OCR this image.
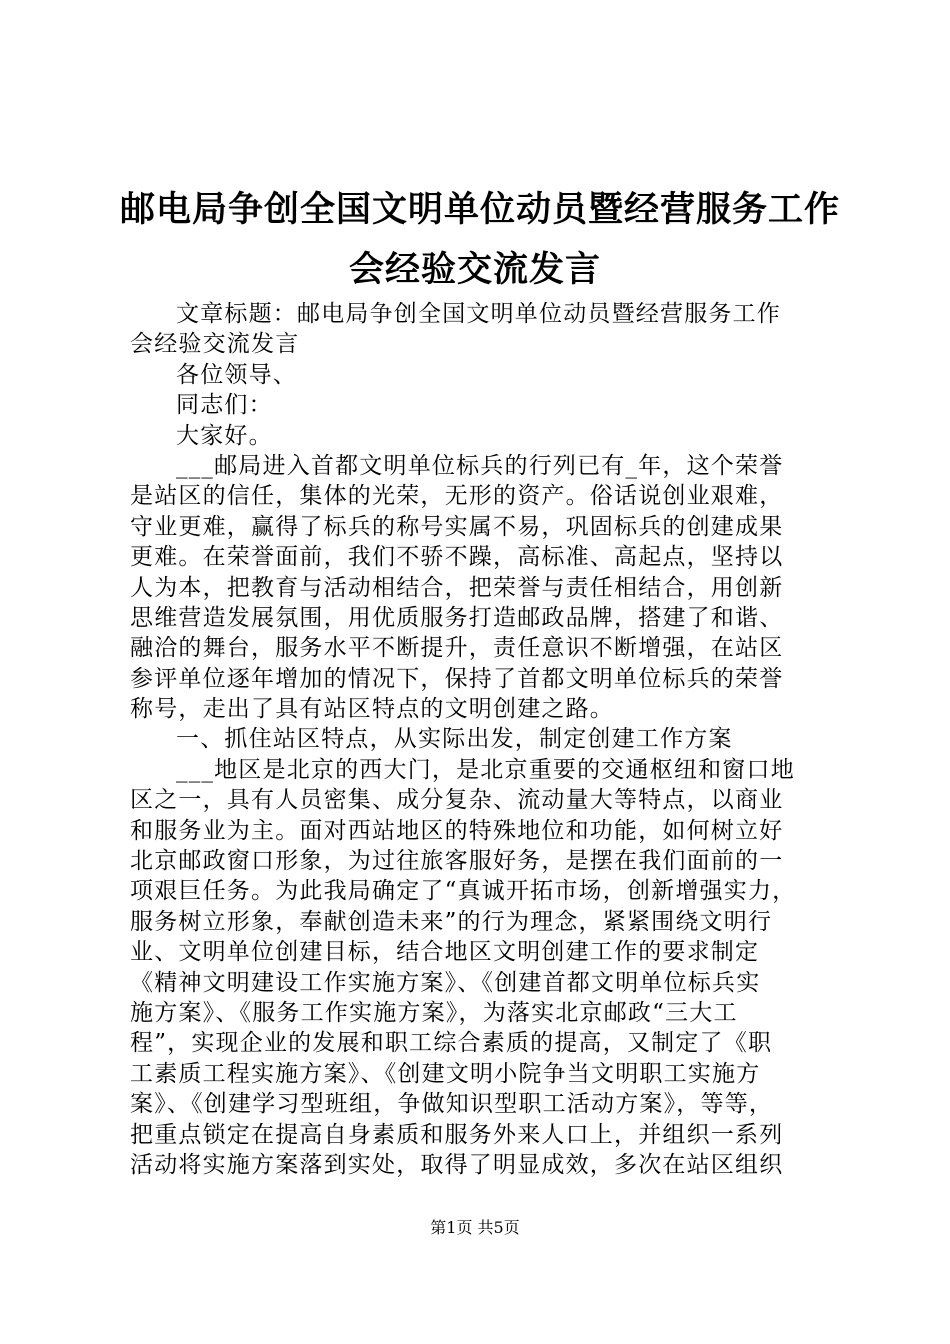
邮电局争创全国文明单位动员暨经营服务工作
会经验交流发言
文章标题：邮电局争创全国文明单位动员暨经营服务工作
会经验交流发言
各位领导、
同志们：
大家好。
___邮局进入首都文明单位标兵的行列已有_年，这个荣誉
是站区的信任，集体的光荣，无形的资产。俗话说创业艰难，
守业更难，赢得了标兵的称号实属不易，巩固标兵的创建成果
更难。在荣誉面前，我们不骄不躁，高标准、高起点，坚持以
人为本，把教育与活动相结合，把荣誉与责任相结合，用创新
思维营造发展氛围，用优质服务打造邮政品牌，搭建了和谐、
融洽的舞台，服务水平不断提升，责任意识不断增强，在站区
参评单位逐年增加的情况下，保持了首都文明单位标兵的荣誉
称号，走出了具有站区特点的文明创建之路。
一、抓住站区特点，从实际出发，制定创建工作方案
___地区是北京的西大门，是北京重要的交通枢纽和窗口地
区之一，具有人员密集、成分复杂、流动量大等特点，以商业
和服务业为主。面对西站地区的特殊地位和功能，如何树立好
北京邮政窗口形象，为过往旅客服好务，是摆在我们面前的一
项艰巨任务。为此我局确定了“真诚开拓市场，创新增强实力，
服务树立形象，奉献创造未来”的行为理念，紧紧围绕文明行
业、文明单位创建目标，结合地区文明创建工作的要求制定
《精神文明建设工作实施方案》、《创建首都文明单位标兵实
施方案》、《服务工作实施方案》，为落实北京邮政“三大工
程”，实现企业的发展和职工综合素质的提高，又制定了《职
工素质工程实施方案》、《创建文明小院争当文明职工实施方
案》、《创建学习型班组，争做知识型职工活动方案》，等等，
把重点锁定在提高自身素质和服务外来人口上，并组织一系列
活动将实施方案落到实处，取得了明显成效，多次在站区组织
第1页 共5页
